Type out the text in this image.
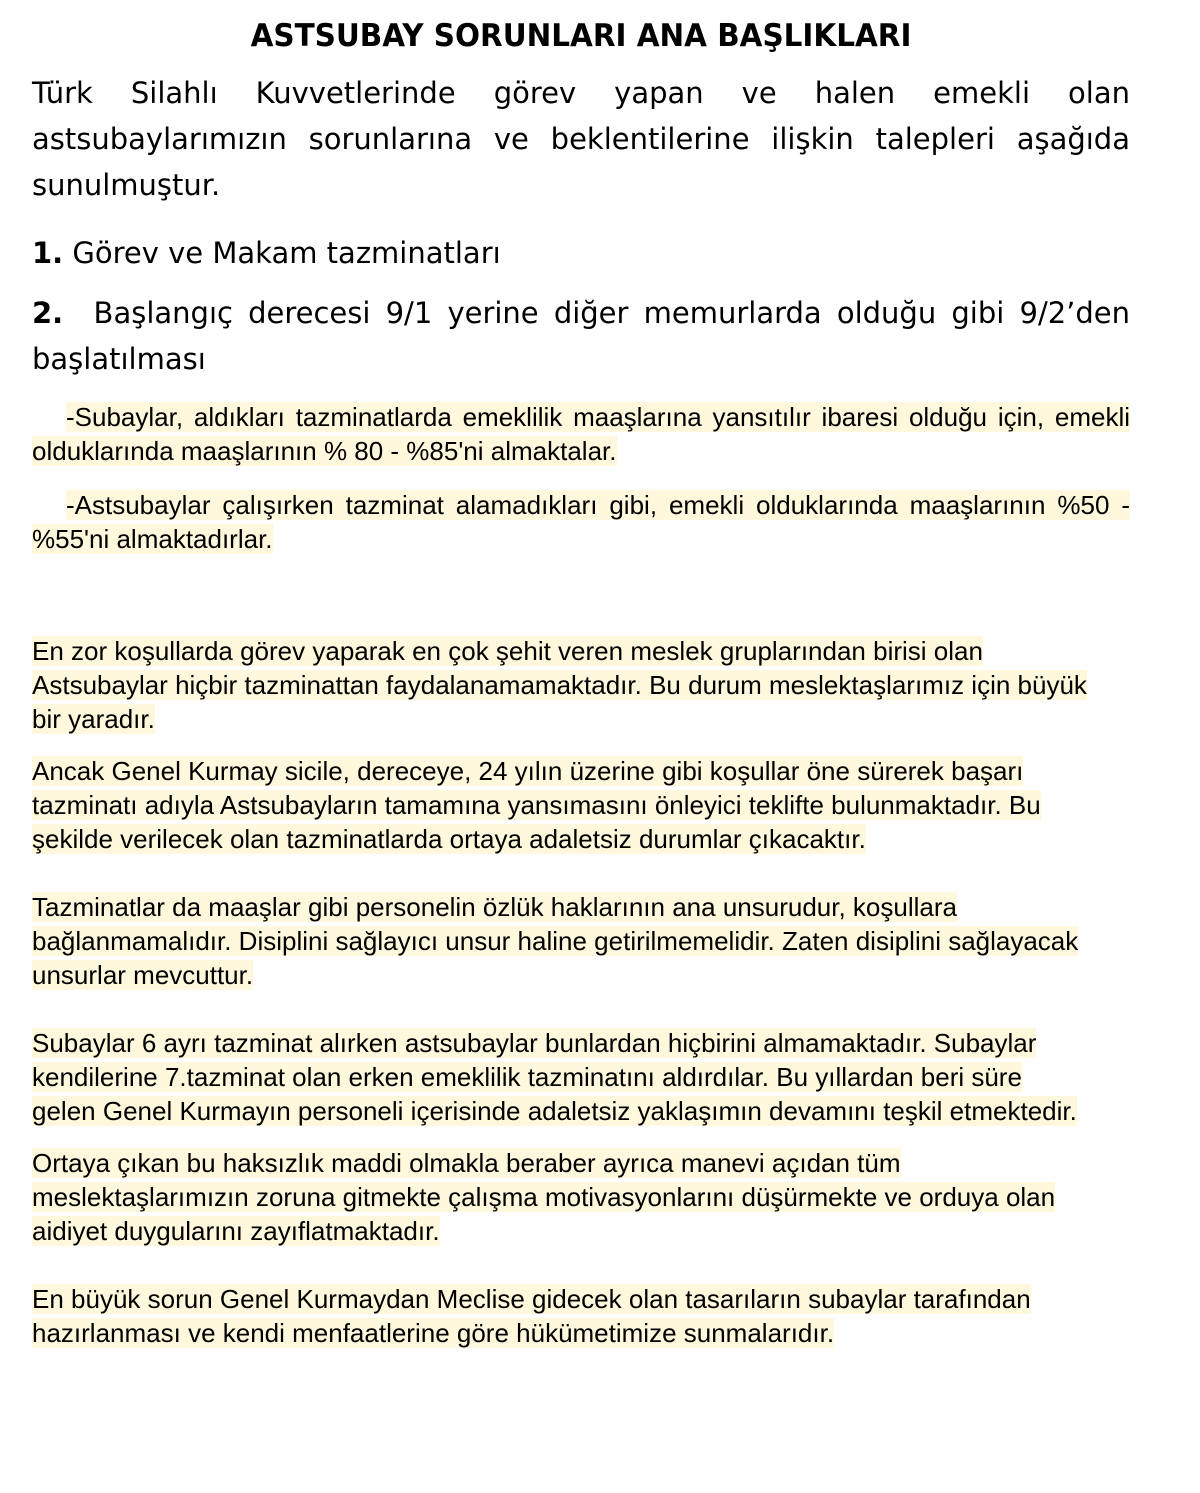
ASTSUBAY SORUNLARI ANA BAŞLIKLARI

Türk Silahlı Kuvvetlerinde görev yapan ve halen emekli olan astsubaylarımızın sorunlarına ve beklentilerine ilişkin talepleri aşağıda sunulmuştur.

1. Görev ve Makam tazminatları

2. Başlangıç derecesi 9/1 yerine diğer memurlarda olduğu gibi 9/2’den başlatılması

-Subaylar, aldıkları tazminatlarda emeklilik maaşlarına yansıtılır ibaresi olduğu için, emekli olduklarında maaşlarının % 80 - %85'ni almaktalar.

-Astsubaylar çalışırken tazminat alamadıkları gibi, emekli olduklarında maaşlarının %50 -%55'ni almaktadırlar.

En zor koşullarda görev yaparak en çok şehit veren meslek gruplarından birisi olan Astsubaylar hiçbir tazminattan faydalanamamaktadır. Bu durum meslektaşlarımız için büyük bir yaradır.

Ancak Genel Kurmay sicile, dereceye, 24 yılın üzerine gibi koşullar öne sürerek başarı tazminatı adıyla Astsubayların tamamına yansımasını önleyici teklifte bulunmaktadır. Bu şekilde verilecek olan tazminatlarda ortaya adaletsiz durumlar çıkacaktır.

Tazminatlar da maaşlar gibi personelin özlük haklarının ana unsurudur, koşullara bağlanmamalıdır. Disiplini sağlayıcı unsur haline getirilmemelidir. Zaten disiplini sağlayacak unsurlar mevcuttur.

Subaylar 6 ayrı tazminat alırken astsubaylar bunlardan hiçbirini almamaktadır. Subaylar kendilerine 7.tazminat olan erken emeklilik tazminatını aldırdılar. Bu yıllardan beri süre gelen Genel Kurmayın personeli içerisinde adaletsiz yaklaşımın devamını teşkil etmektedir.

Ortaya çıkan bu haksızlık maddi olmakla beraber ayrıca manevi açıdan tüm meslektaşlarımızın zoruna gitmekte çalışma motivasyonlarını düşürmekte ve orduya olan aidiyet duygularını zayıflatmaktadır.

En büyük sorun Genel Kurmaydan Meclise gidecek olan tasarıların subaylar tarafından hazırlanması ve kendi menfaatlerine göre hükümetimize sunmalarıdır.
